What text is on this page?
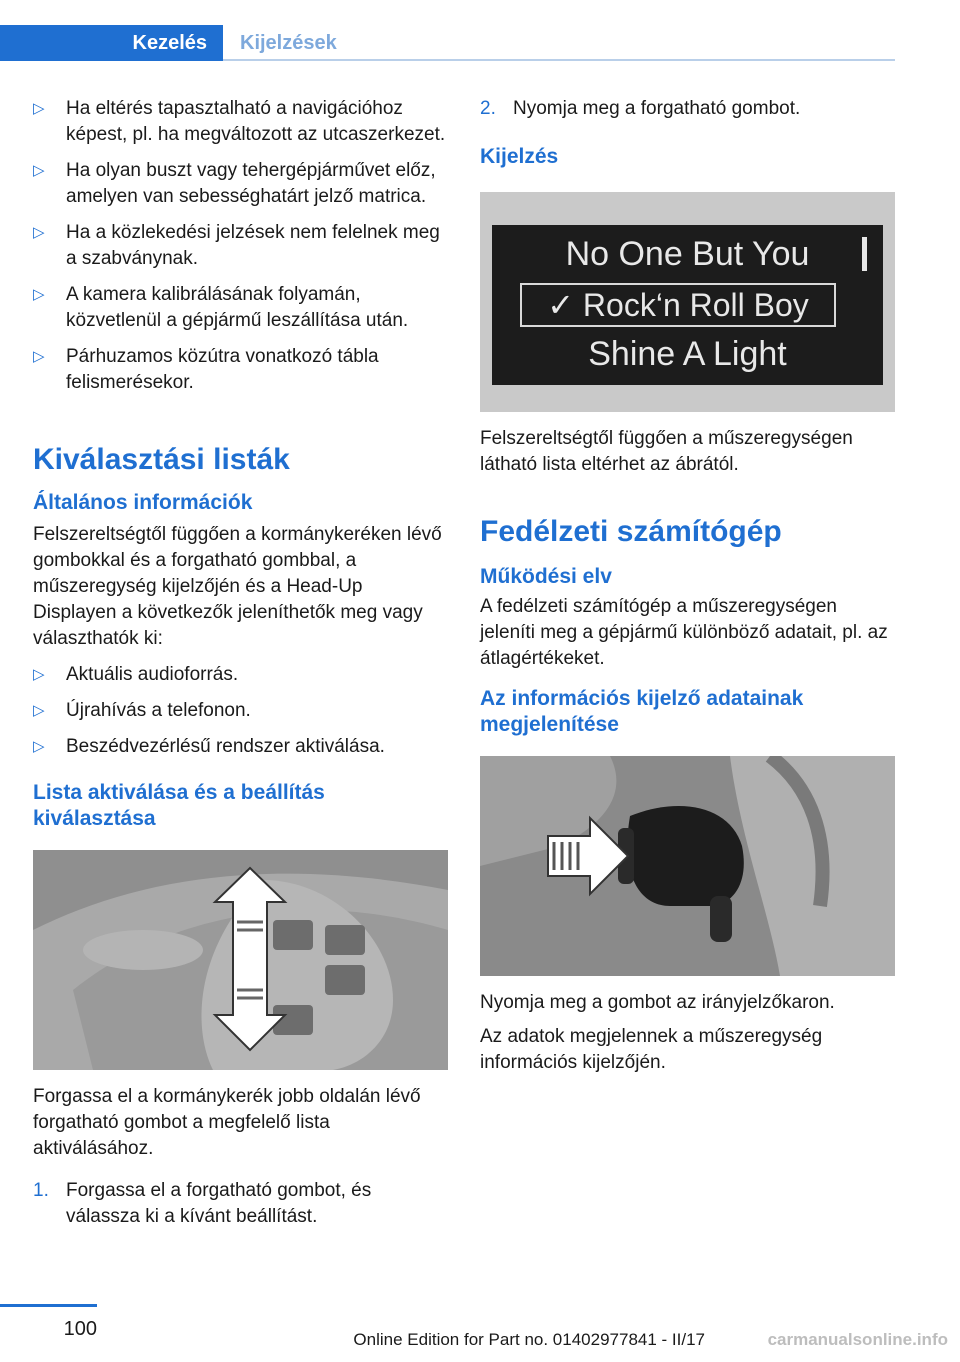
Kezelés	Kijelzések
▷ Ha eltérés tapasztalható a navigációhoz képest, pl. ha megváltozott az utcaszerkezet.
▷ Ha olyan buszt vagy tehergépjárművet előz, amelyen van sebességhatárt jelző matrica.
▷ Ha a közlekedési jelzések nem felelnek meg a szabványnak.
▷ A kamera kalibrálásának folyamán, közvetlenül a gépjármű leszállítása után.
▷ Párhuzamos közútra vonatkozó tábla felismerésekor.
Kiválasztási listák
Általános információk

Felszereltségtől függően a kormánykeréken lévő gombokkal és a forgatható gombbal, a műszeregység kijelzőjén és a Head-Up Displayen a következők jeleníthetők meg vagy választhatók ki:

▷ Aktuális audioforrás.
▷ Újrahívás a telefonon.
▷ Beszédvezérlésű rendszer aktiválása.
Lista aktiválása és a beállítás kiválasztása

Forgassa el a kormánykerék jobb oldalán lévő forgatható gombot a megfelelő lista aktiválásához.

1. Forgassa el a forgatható gombot, és válassza ki a kívánt beállítást.
2. Nyomja meg a forgatható gombot.
Kijelzés
No One But You
✓ Rock‘n Roll Boy
Shine A Light

Felszereltségtől függően a műszeregységen látható lista eltérhet az ábrától.

Fedélzeti számítógép
Működési elv

A fedélzeti számítógép a műszeregységen jeleníti meg a gépjármű különböző adatait, pl. az átlagértékeket.

Az információs kijelző adatainak megjelenítése

Nyomja meg a gombot az irányjelzőkaron.

Az adatok megjelennek a műszeregység információs kijelzőjén.

100	Online Edition for Part no. 01402977841 - II/17	carmanualsonline.info
